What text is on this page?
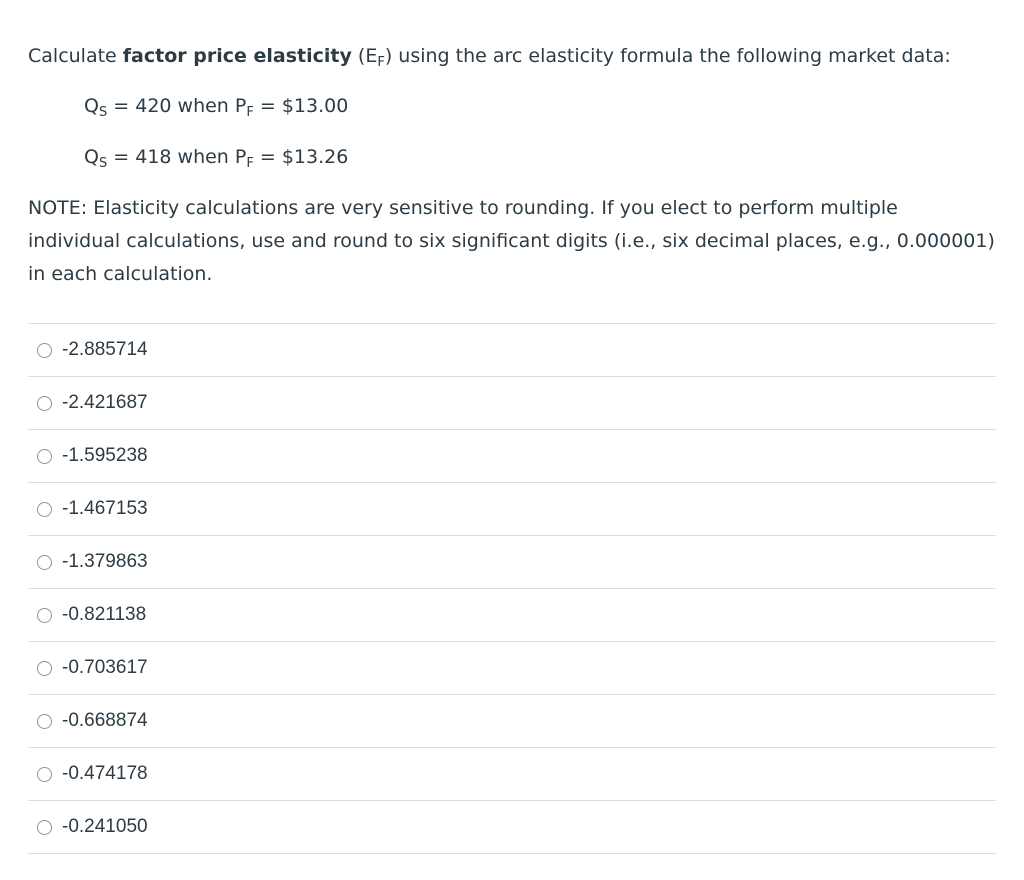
Calculate factor price elasticity $(E_F)$ using the arc elasticity formula the following market data:

$Q_S = 420$ when $P_F$ = $13.00
$Q_S = 418$ when $P_F$ = $13.26

NOTE: Elasticity calculations are very sensitive to rounding. If you elect to perform multiple
individual calculations, use and round to six significant digits (i.e., six decimal places, e.g., 0.000001)
in each calculation.

-2.885714
-2.421687
-1.595238
-1.467153
-1.379863
-0.821138
-0.703617
-0.668874
-0.474178
-0.241050
